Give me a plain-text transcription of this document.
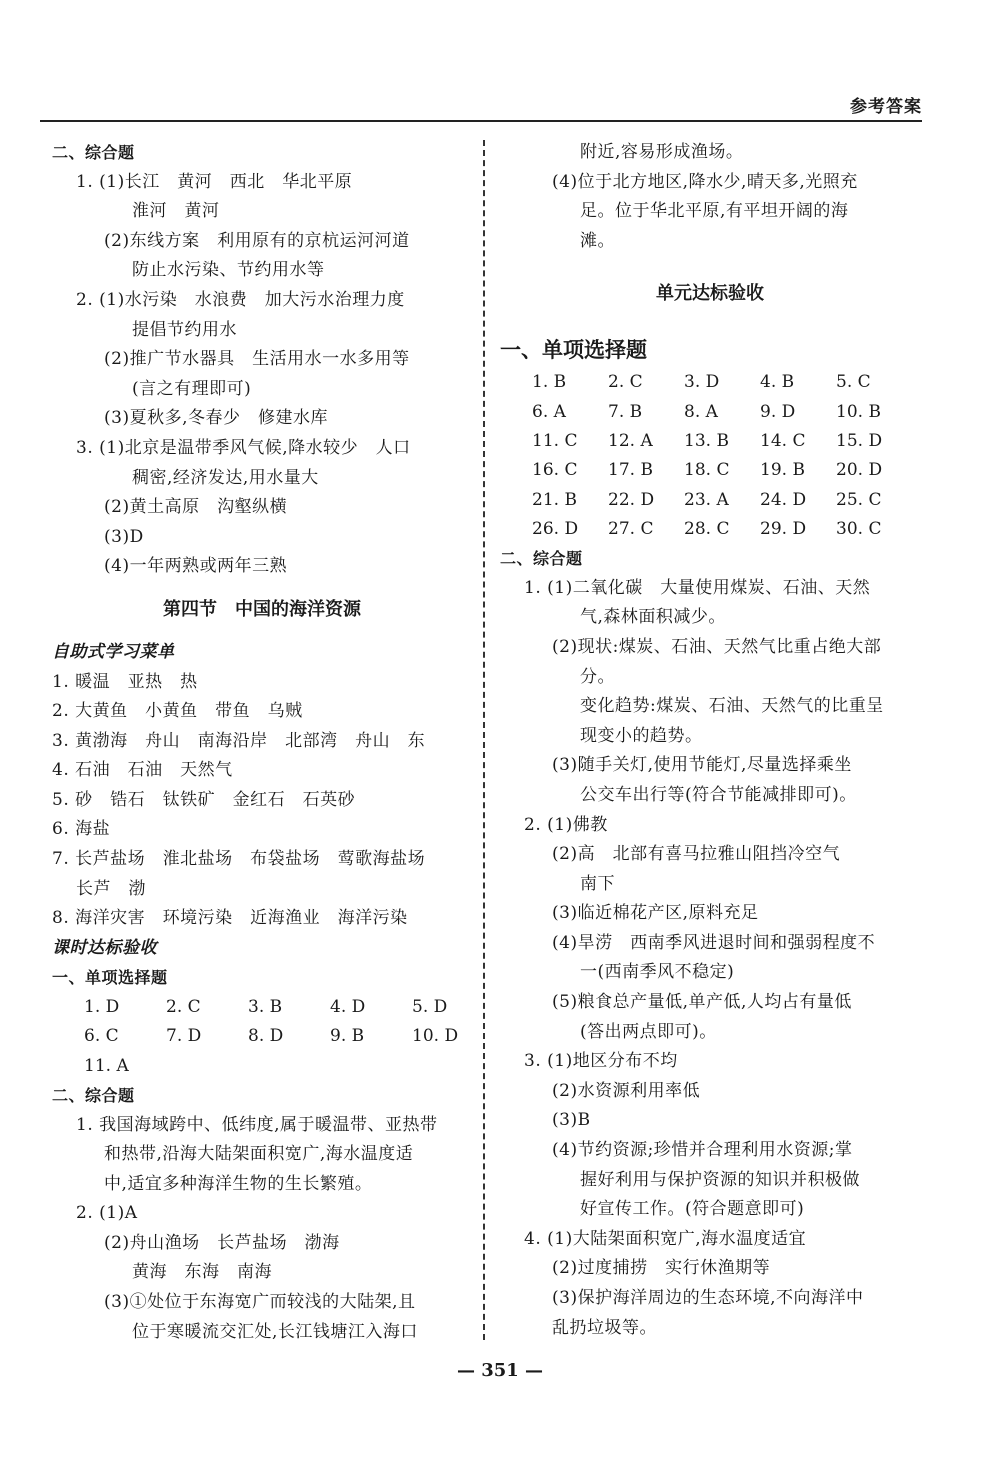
参考答案
二、综合题
1. (1)长江　黄河　西北　华北平原
淮河　黄河
(2)东线方案　利用原有的京杭运河河道
防止水污染、节约用水等
2. (1)水污染　水浪费　加大污水治理力度
提倡节约用水
(2)推广节水器具　生活用水一水多用等
(言之有理即可)
(3)夏秋多,冬春少　修建水库
3. (1)北京是温带季风气候,降水较少　人口
稠密,经济发达,用水量大
(2)黄土高原　沟壑纵横
(3)D
(4)一年两熟或两年三熟
第四节　中国的海洋资源
自助式学习菜单
1. 暖温　亚热　热
2. 大黄鱼　小黄鱼　带鱼　乌贼
3. 黄渤海　舟山　南海沿岸　北部湾　舟山　东
4. 石油　石油　天然气
5. 砂　锆石　钛铁矿　金红石　石英砂
6. 海盐
7. 长芦盐场　淮北盐场　布袋盐场　莺歌海盐场
长芦　渤
8. 海洋灾害　环境污染　近海渔业　海洋污染
课时达标验收
一、单项选择题
1. D	2. C	3. B	4. D	5. D
6. C	7. D	8. D	9. B	10. D
11. A
二、综合题
1. 我国海域跨中、低纬度,属于暖温带、亚热带
和热带,沿海大陆架面积宽广,海水温度适
中,适宜多种海洋生物的生长繁殖。
2. (1)A
(2)舟山渔场　长芦盐场　渤海
黄海　东海　南海
(3)①处位于东海宽广而较浅的大陆架,且
位于寒暖流交汇处,长江钱塘江入海口
附近,容易形成渔场。
(4)位于北方地区,降水少,晴天多,光照充
足。位于华北平原,有平坦开阔的海
滩。
单元达标验收
一、单项选择题
1. B	2. C	3. D	4. B	5. C
6. A	7. B	8. A	9. D	10. B
11. C	12. A	13. B	14. C	15. D
16. C	17. B	18. C	19. B	20. D
21. B	22. D	23. A	24. D	25. C
26. D	27. C	28. C	29. D	30. C
二、综合题
1. (1)二氧化碳　大量使用煤炭、石油、天然
气,森林面积减少。
(2)现状:煤炭、石油、天然气比重占绝大部
分。
变化趋势:煤炭、石油、天然气的比重呈
现变小的趋势。
(3)随手关灯,使用节能灯,尽量选择乘坐
公交车出行等(符合节能减排即可)。
2. (1)佛教
(2)高　北部有喜马拉雅山阻挡冷空气
南下
(3)临近棉花产区,原料充足
(4)旱涝　西南季风进退时间和强弱程度不
一(西南季风不稳定)
(5)粮食总产量低,单产低,人均占有量低
(答出两点即可)。
3. (1)地区分布不均
(2)水资源利用率低
(3)B
(4)节约资源;珍惜并合理利用水资源;掌
握好利用与保护资源的知识并积极做
好宣传工作。(符合题意即可)
4. (1)大陆架面积宽广,海水温度适宜
(2)过度捕捞　实行休渔期等
(3)保护海洋周边的生态环境,不向海洋中
乱扔垃圾等。
— 351 —
